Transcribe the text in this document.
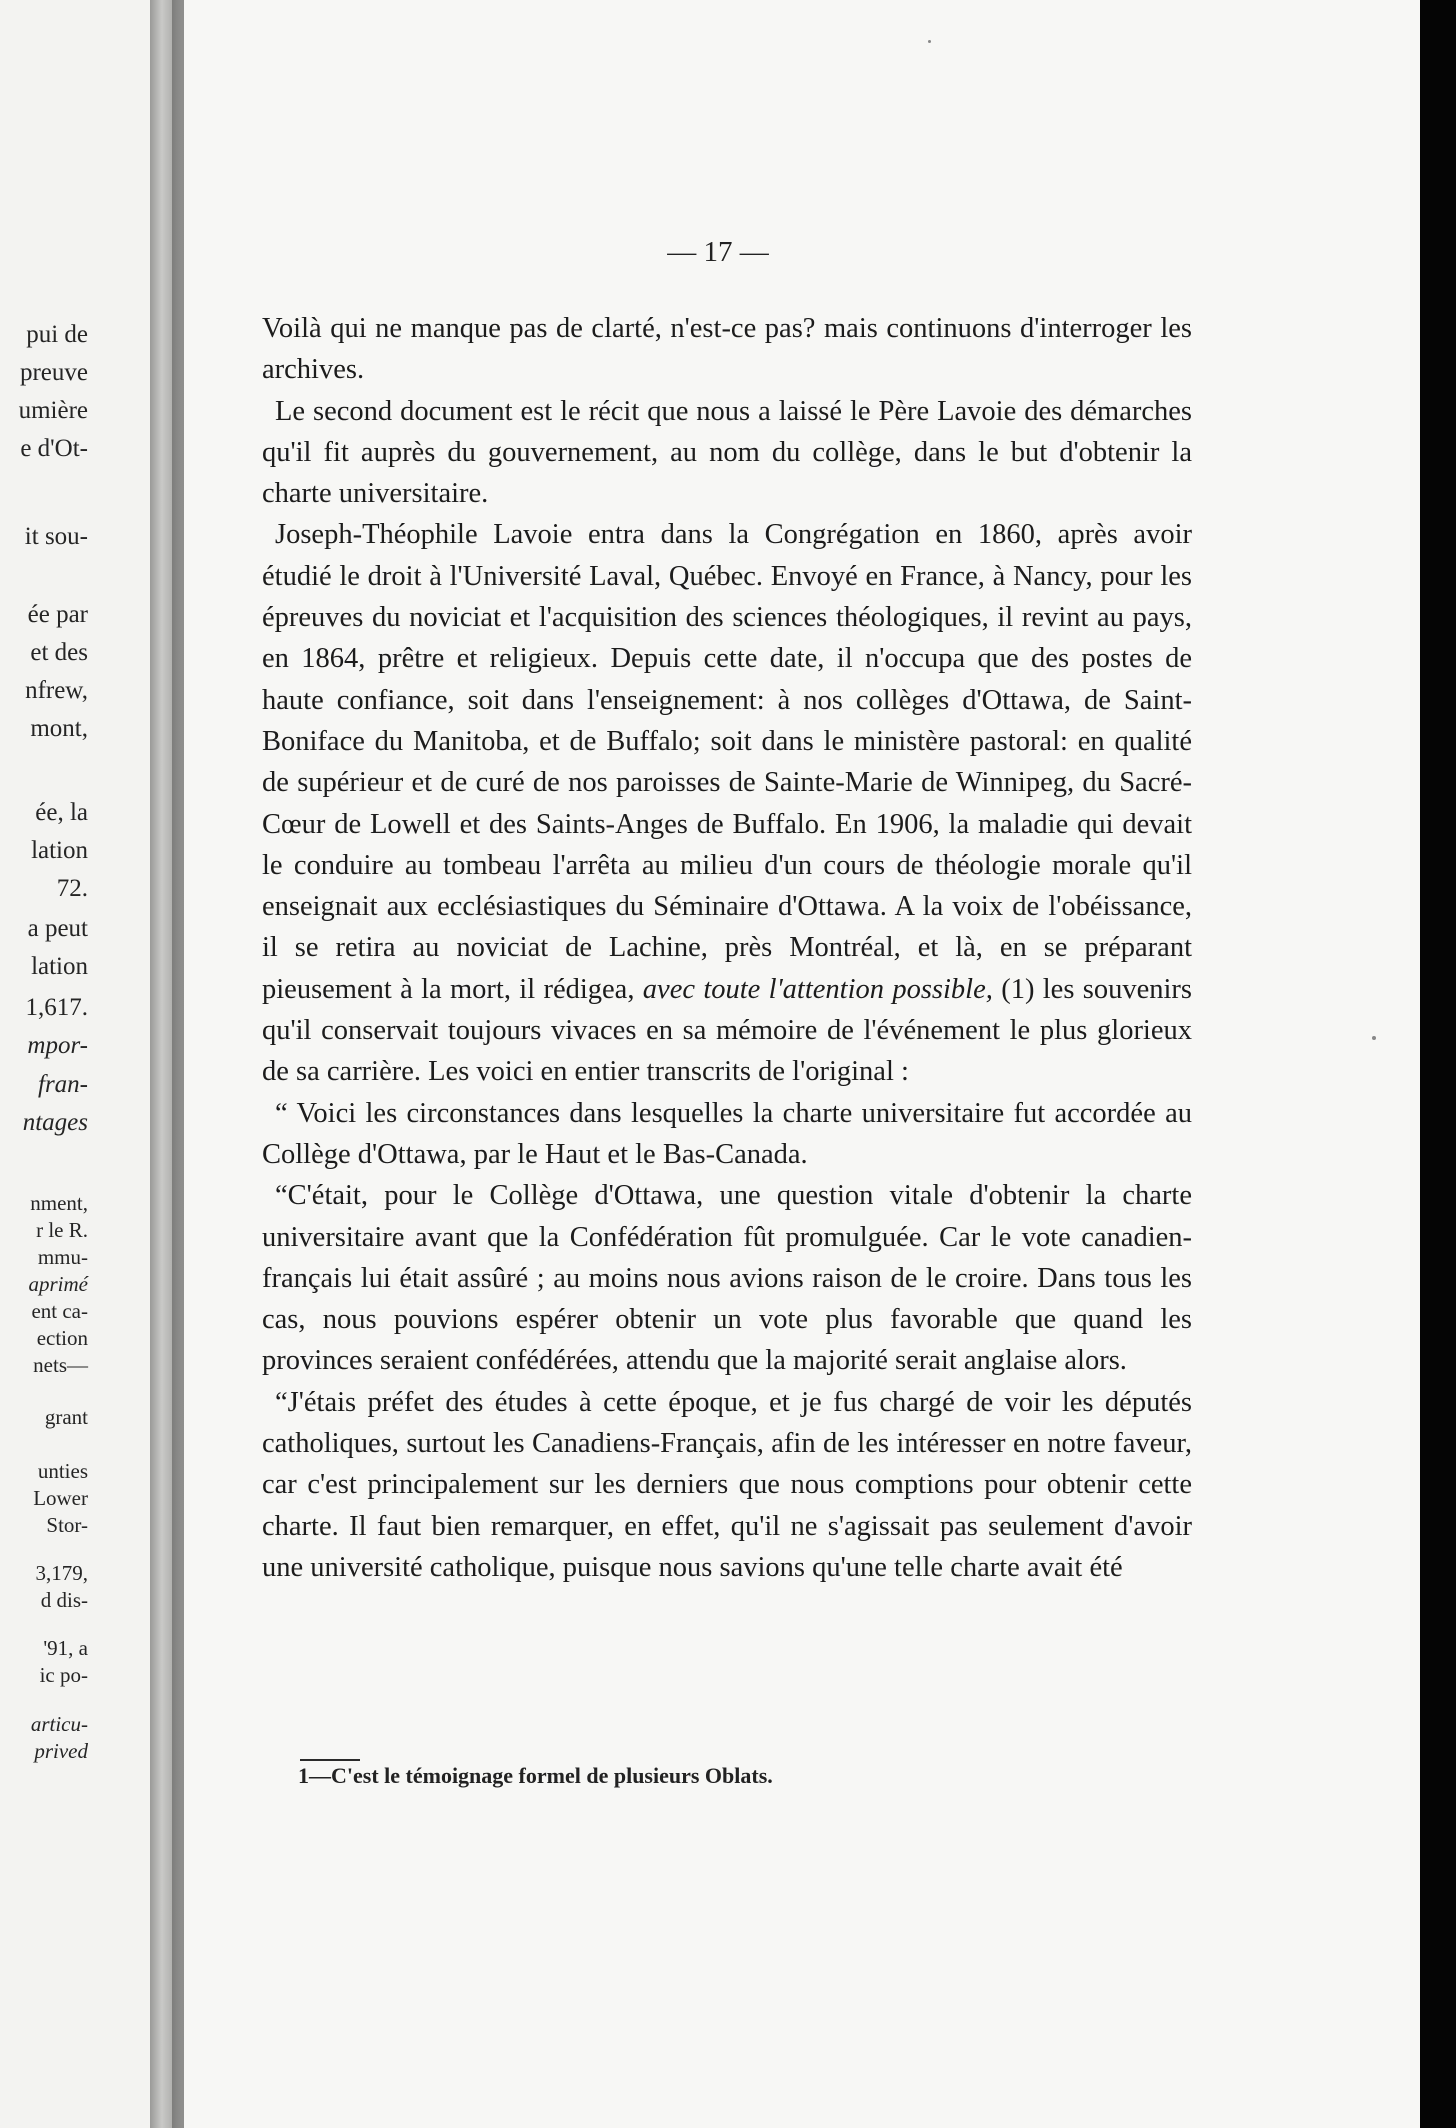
pui de
preuve
umière
e d'Ot-
it sou-
ée par
et des
nfrew,
mont,
ée, la
lation
72.
a peut
lation
1,617.
mpor-
fran-
ntages
nment,
r le R.
mmu-
aprimé
ent ca-
ection
nets—
grant
unties
Lower
Stor-
3,179,
d dis-
'91, a
ic po-
articu-
prived
— 17 —

Voilà qui ne manque pas de clarté, n'est-ce pas? mais continuons d'interroger les archives.

Le second document est le récit que nous a laissé le Père Lavoie des démarches qu'il fit auprès du gouvernement, au nom du collège, dans le but d'obtenir la charte universitaire.

Joseph-Théophile Lavoie entra dans la Congrégation en 1860, après avoir étudié le droit à l'Université Laval, Québec. Envoyé en France, à Nancy, pour les épreuves du noviciat et l'acquisition des sciences théologiques, il revint au pays, en 1864, prêtre et religieux. Depuis cette date, il n'occupa que des postes de haute confiance, soit dans l'enseignement: à nos collèges d'Ottawa, de Saint-Boniface du Manitoba, et de Buffalo; soit dans le ministère pastoral: en qualité de supérieur et de curé de nos paroisses de Sainte-Marie de Winnipeg, du Sacré-Cœur de Lowell et des Saints-Anges de Buffalo. En 1906, la maladie qui devait le conduire au tombeau l'arrêta au milieu d'un cours de théologie morale qu'il enseignait aux ecclésiastiques du Séminaire d'Ottawa. A la voix de l'obéissance, il se retira au noviciat de Lachine, près Montréal, et là, en se préparant pieusement à la mort, il rédigea, avec toute l'attention possible, (1) les souvenirs qu'il conservait toujours vivaces en sa mémoire de l'événement le plus glorieux de sa carrière. Les voici en entier transcrits de l'original :

“ Voici les circonstances dans lesquelles la charte universitaire fut accordée au Collège d'Ottawa, par le Haut et le Bas-Canada.

“C'était, pour le Collège d'Ottawa, une question vitale d'obtenir la charte universitaire avant que la Confédération fût promulguée. Car le vote canadien-français lui était assûré ; au moins nous avions raison de le croire. Dans tous les cas, nous pouvions espérer obtenir un vote plus favorable que quand les provinces seraient confédérées, attendu que la majorité serait anglaise alors.

“J'étais préfet des études à cette époque, et je fus chargé de voir les députés catholiques, surtout les Canadiens-Français, afin de les intéresser en notre faveur, car c'est principalement sur les derniers que nous comptions pour obtenir cette charte. Il faut bien remarquer, en effet, qu'il ne s'agissait pas seulement d'avoir une université catholique, puisque nous savions qu'une telle charte avait été

1—C'est le témoignage formel de plusieurs Oblats.
